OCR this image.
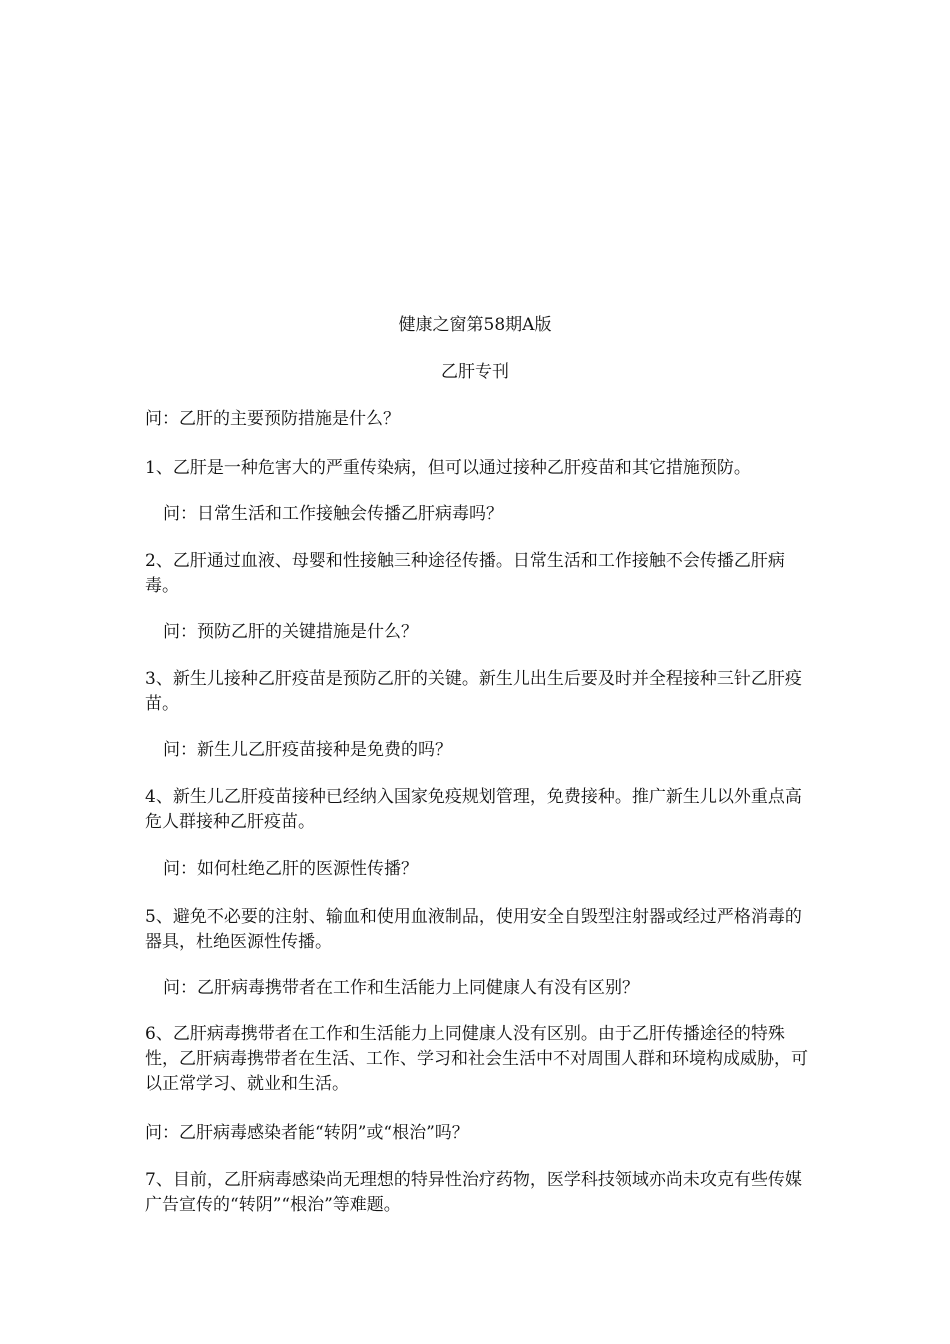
健康之窗第58期A版
乙肝专刊

问：乙肝的主要预防措施是什么？

1、乙肝是一种危害大的严重传染病，但可以通过接种乙肝疫苗和其它措施预防。

问：日常生活和工作接触会传播乙肝病毒吗？

2、乙肝通过血液、母婴和性接触三种途径传播。日常生活和工作接触不会传播乙肝病毒。

问：预防乙肝的关键措施是什么？

3、新生儿接种乙肝疫苗是预防乙肝的关键。新生儿出生后要及时并全程接种三针乙肝疫苗。

问：新生儿乙肝疫苗接种是免费的吗？

4、新生儿乙肝疫苗接种已经纳入国家免疫规划管理，免费接种。推广新生儿以外重点高危人群接种乙肝疫苗。

问：如何杜绝乙肝的医源性传播？

5、避免不必要的注射、输血和使用血液制品，使用安全自毁型注射器或经过严格消毒的器具，杜绝医源性传播。

问：乙肝病毒携带者在工作和生活能力上同健康人有没有区别？

6、乙肝病毒携带者在工作和生活能力上同健康人没有区别。由于乙肝传播途径的特殊性，乙肝病毒携带者在生活、工作、学习和社会生活中不对周围人群和环境构成威胁，可以正常学习、就业和生活。

问：乙肝病毒感染者能“转阴”或“根治”吗？

7、目前，乙肝病毒感染尚无理想的特异性治疗药物，医学科技领域亦尚未攻克有些传媒广告宣传的“转阴”“根治”等难题。
